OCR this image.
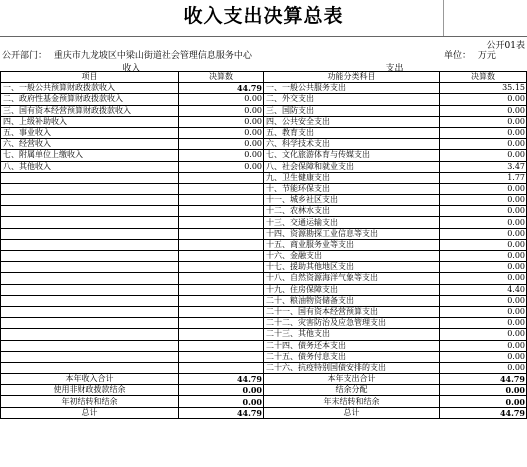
收入支出决算总表
公开01表
公开部门： 重庆市九龙坡区中梁山街道社会管理信息服务中心	单位： 万元
收入	支出
项目	决算数	功能分类科目	决算数
一、一般公共预算财政拨款收入	44.79	一、一般公共服务支出	35.15
二、政府性基金预算财政拨款收入	0.00	二、外交支出	0.00
三、国有资本经营预算财政拨款收入	0.00	三、国防支出	0.00
四、上级补助收入	0.00	四、公共安全支出	0.00
五、事业收入	0.00	五、教育支出	0.00
六、经营收入	0.00	六、科学技术支出	0.00
七、附属单位上缴收入	0.00	七、文化旅游体育与传媒支出	0.00
八、其他收入	0.00	八、社会保障和就业支出	3.47
		九、卫生健康支出	1.77
		十、节能环保支出	0.00
		十一、城乡社区支出	0.00
		十二、农林水支出	0.00
		十三、交通运输支出	0.00
		十四、资源勘探工业信息等支出	0.00
		十五、商业服务业等支出	0.00
		十六、金融支出	0.00
		十七、援助其他地区支出	0.00
		十八、自然资源海洋气象等支出	0.00
		十九、住房保障支出	4.40
		二十、粮油物资储备支出	0.00
		二十一、国有资本经营预算支出	0.00
		二十二、灾害防治及应急管理支出	0.00
		二十三、其他支出	0.00
		二十四、债务还本支出	0.00
		二十五、债务付息支出	0.00
		二十六、抗疫特别国债安排的支出	0.00
本年收入合计	44.79	本年支出合计	44.79
使用非财政拨款结余	0.00	结余分配	0.00
年初结转和结余	0.00	年末结转和结余	0.00
总计	44.79	总计	44.79
